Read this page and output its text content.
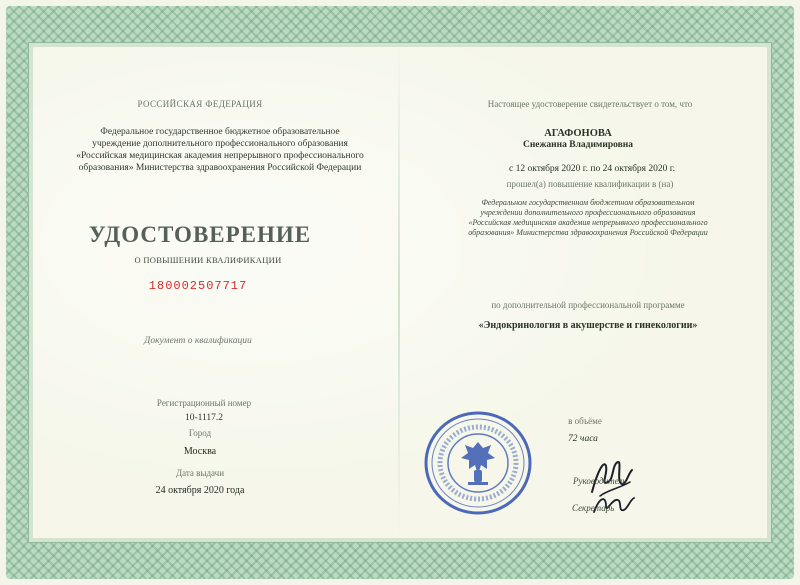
РОССИЙСКАЯ ФЕДЕРАЦИЯ
Федеральное государственное бюджетное образовательное
учреждение дополнительного профессионального образования
«Российская медицинская академия непрерывного профессионального
образования» Министерства здравоохранения Российской Федерации
УДОСТОВЕРЕНИЕ
О ПОВЫШЕНИИ КВАЛИФИКАЦИИ
180002507717
Документ о квалификации
Регистрационный номер
10-1117.2
Город
Москва
Дата выдачи
24 октября 2020 года
Настоящее удостоверение свидетельствует о том, что
АГАФОНОВА
Снежанна Владимировна
с 12 октября 2020 г. по 24 октября 2020 г.
прошел(а) повышение квалификации в (на)
Федеральном государственном бюджетном образовательном
учреждении дополнительного профессионального образования
«Российская медицинская академия непрерывного профессионального
образования» Министерства здравоохранения Российской Федерации
по дополнительной профессиональной программе
«Эндокринология в акушерстве и гинекологии»
в объёме
72 часа
Руководитель
Секретарь
